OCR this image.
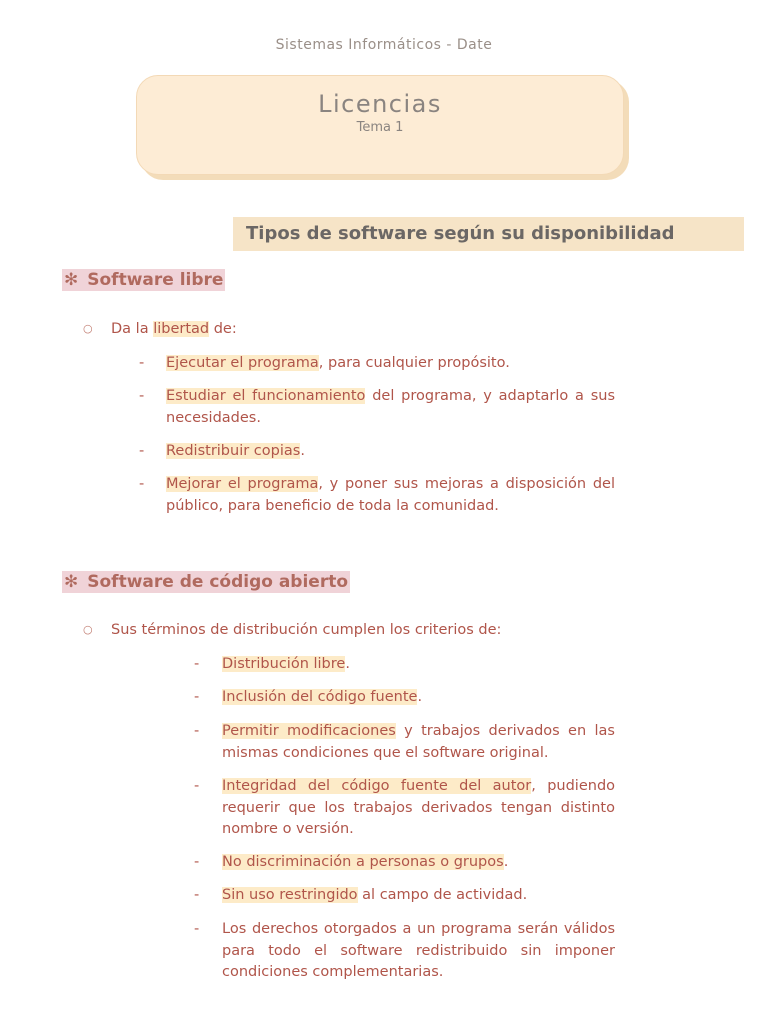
Sistemas Informáticos - Date
Licencias
Tema 1
Tipos de software según su disponibilidad
✻ Software libre
○ Da la libertad de:
- Ejecutar el programa, para cualquier propósito.
- Estudiar el funcionamiento del programa, y adaptarlo a sus necesidades.
- Redistribuir copias.
- Mejorar el programa, y poner sus mejoras a disposición del público, para beneficio de toda la comunidad.
✻ Software de código abierto
○ Sus términos de distribución cumplen los criterios de:
- Distribución libre.
- Inclusión del código fuente.
- Permitir modificaciones y trabajos derivados en las mismas condiciones que el software original.
- Integridad del código fuente del autor, pudiendo requerir que los trabajos derivados tengan distinto nombre o versión.
- No discriminación a personas o grupos.
- Sin uso restringido al campo de actividad.
- Los derechos otorgados a un programa serán válidos para todo el software redistribuido sin imponer condiciones complementarias.
